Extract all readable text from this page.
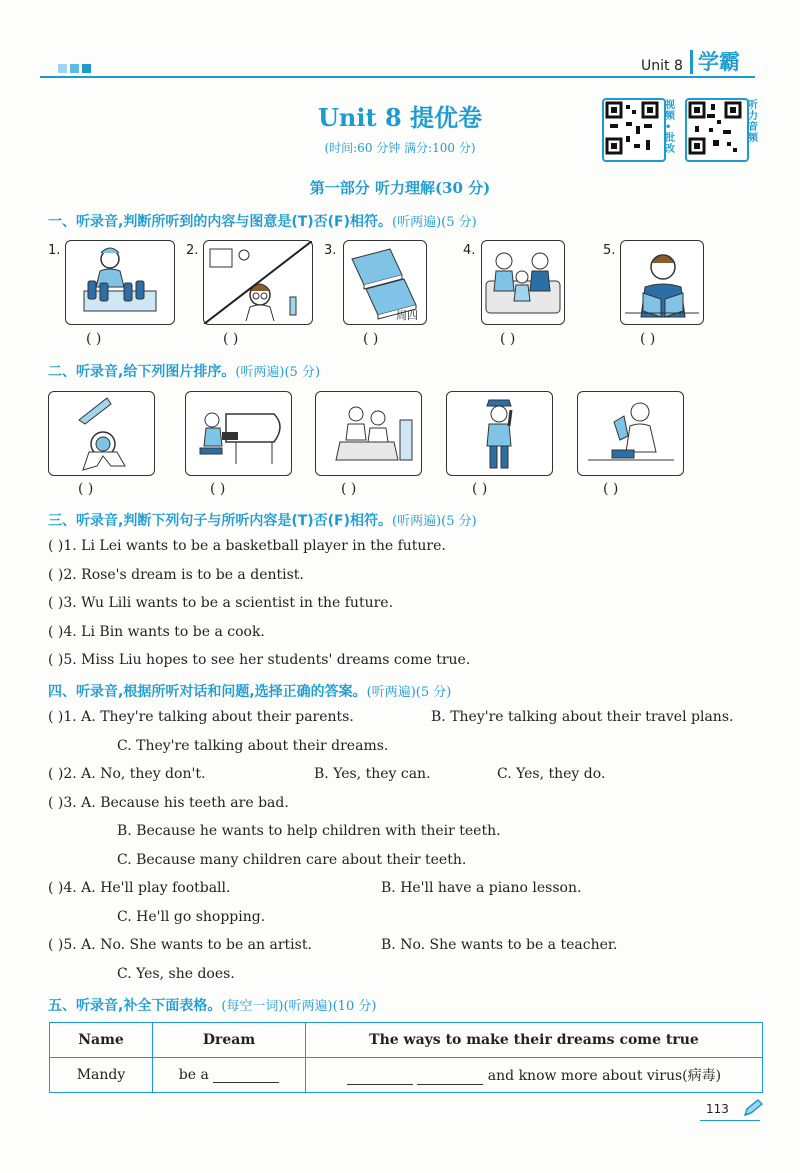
Unit 8 学霸
Unit 8 提优卷
(时间:60 分钟 满分:100 分)
视频•批改
听力音频
第一部分 听力理解(30 分)
一、听录音,判断所听到的内容与图意是(T)否(F)相符。(听两遍)(5 分)
1.
( )
2.
( )
3.
周四
( )
4.
( )
5.
( )
二、听录音,给下列图片排序。(听两遍)(5 分)
( )	( )	( )	( )	( )
三、听录音,判断下列句子与所听内容是(T)否(F)相符。(听两遍)(5 分)
( )1. Li Lei wants to be a basketball player in the future.
( )2. Rose's dream is to be a dentist.
( )3. Wu Lili wants to be a scientist in the future.
( )4. Li Bin wants to be a cook.
( )5. Miss Liu hopes to see her students' dreams come true.
四、听录音,根据所听对话和问题,选择正确的答案。(听两遍)(5 分)
( )1. A. They're talking about their parents.	B. They're talking about their travel plans.
C. They're talking about their dreams.
( )2. A. No, they don't.	B. Yes, they can.	C. Yes, they do.
( )3. A. Because his teeth are bad.
B. Because he wants to help children with their teeth.
C. Because many children care about their teeth.
( )4. A. He'll play football.	B. He'll have a piano lesson.
C. He'll go shopping.
( )5. A. No. She wants to be an artist.	B. No. She wants to be a teacher.
C. Yes, she does.
五、听录音,补全下面表格。(每空一词)(听两遍)(10 分)
Name	Dream	The ways to make their dreams come true
Mandy	be a	and know more about virus(病毒)
113
